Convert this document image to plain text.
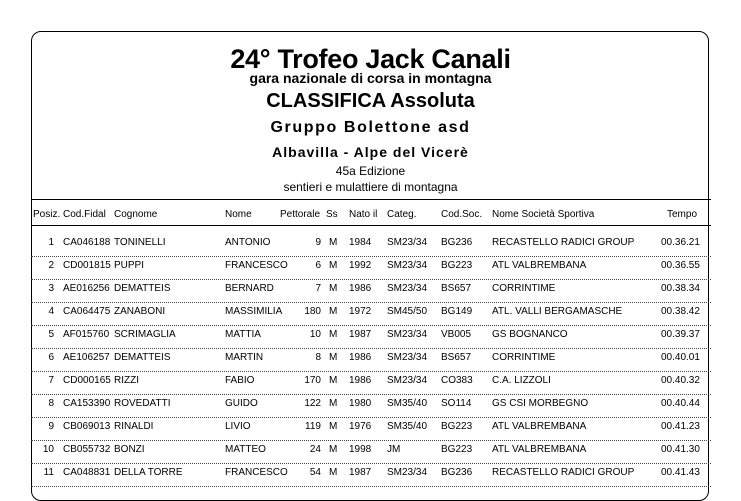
24° Trofeo Jack Canali
gara nazionale di corsa in montagna
CLASSIFICA Assoluta
Gruppo Bolettone asd
Albavilla - Alpe del Vicerè
45a Edizione
sentieri e mulattiere di montagna
Posiz. Cod.Fidal Cognome	Nome	Pettorale Ss Nato il Categ. Cod.Soc. Nome Società Sportiva	Tempo
1 CA046188 TONINELLI	ANTONIO	9 M 1984 SM23/34 BG236 RECASTELLO RADICI GROUP	00.36.21
2 CD001815 PUPPI	FRANCESCO	6 M 1992 SM23/34 BG223 ATL VALBREMBANA	00.36.55
3 AE016256 DEMATTEIS	BERNARD	7 M 1986 SM23/34 BS657 CORRINTIME	00.38.34
4 CA064475 ZANABONI	MASSIMILIA	180 M 1972 SM45/50 BG149 ATL. VALLI BERGAMASCHE	00.38.42
5 AF015760 SCRIMAGLIA	MATTIA	10 M 1987 SM23/34 VB005 GS BOGNANCO	00.39.37
6 AE106257 DEMATTEIS	MARTIN	8 M 1986 SM23/34 BS657 CORRINTIME	00.40.01
7 CD000165 RIZZI	FABIO	170 M 1986 SM23/34 CO383 C.A. LIZZOLI	00.40.32
8 CA153390 ROVEDATTI	GUIDO	122 M 1980 SM35/40 SO114 GS CSI MORBEGNO	00.40.44
9 CB069013 RINALDI	LIVIO	119 M 1976 SM35/40 BG223 ATL VALBREMBANA	00.41.23
10 CB055732 BONZI	MATTEO	24 M 1998 JM	BG223 ATL VALBREMBANA	00.41.30
11 CA048831 DELLA TORRE	FRANCESCO	54 M 1987 SM23/34 BG236 RECASTELLO RADICI GROUP	00.41.43
